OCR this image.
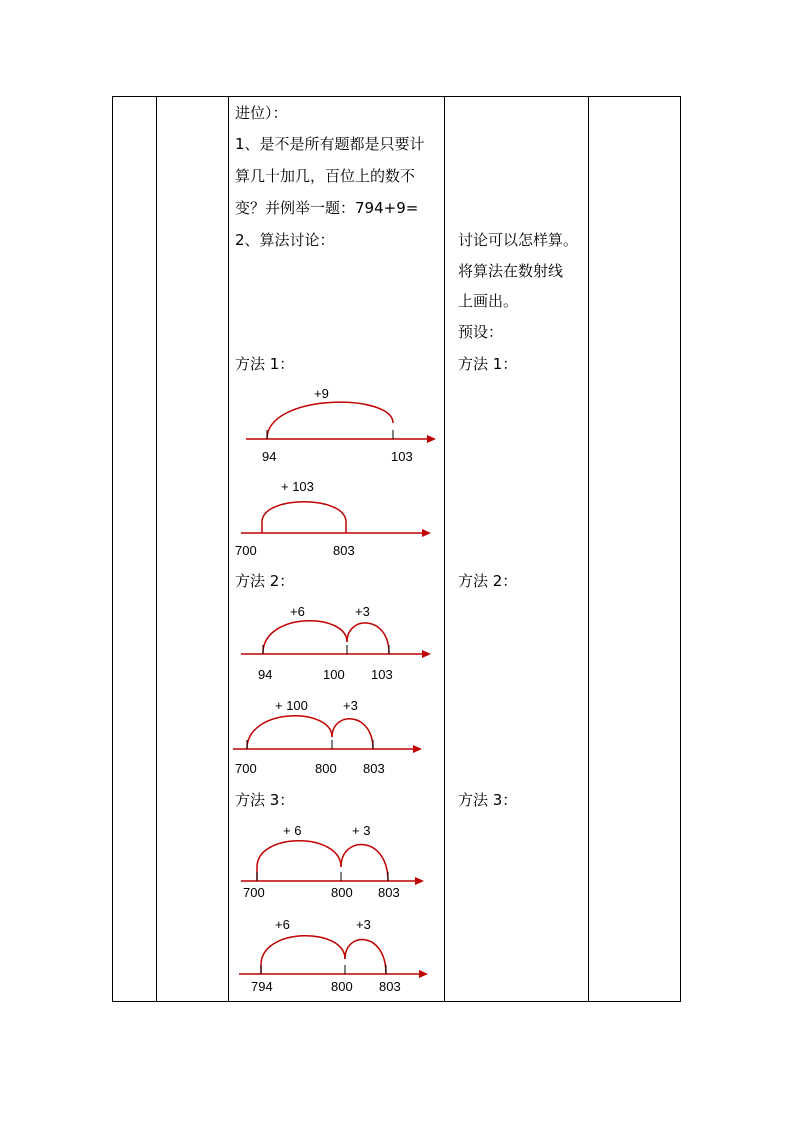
进位）：
1、是不是所有题都是只要计
算几十加几，百位上的数不
变？并例举一题：794+9=
2、算法讨论：
方法 1：
+9
94	103
+ 103
700	803
方法 2：
+6	+3
94	100 103
+ 100	+3
700	800 803
方法 3：
+ 6	+ 3
700	800 803
+6	+3
794	800 803

讨论可以怎样算。
将算法在数射线
上画出。
预设：
方法 1：
方法 2：
方法 3：
